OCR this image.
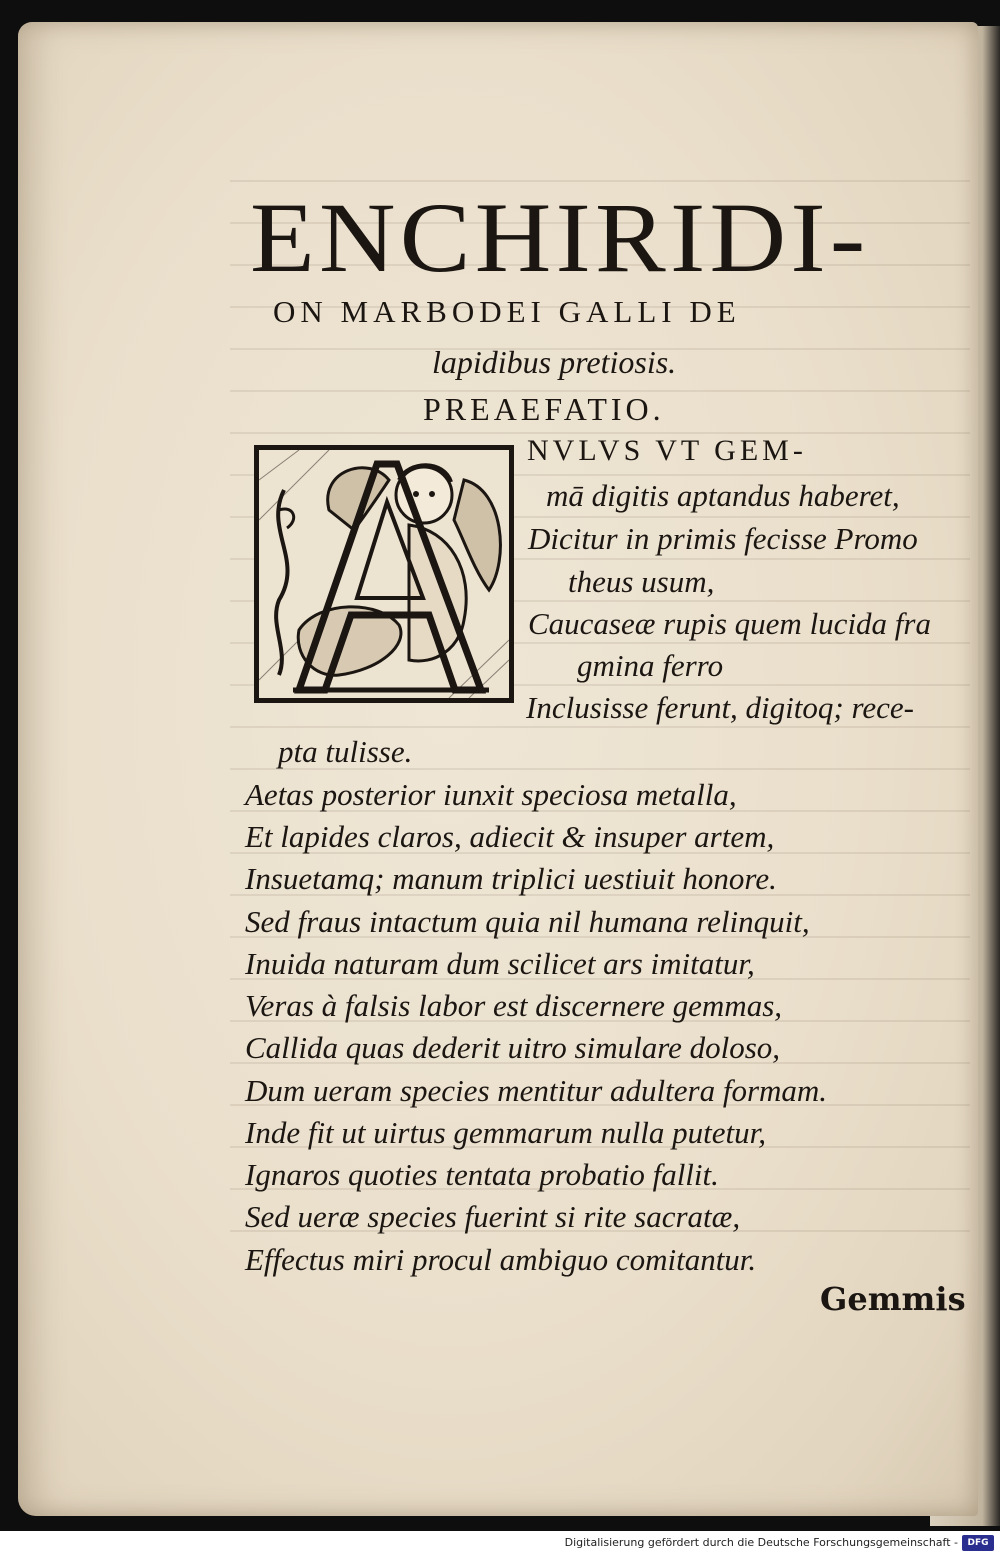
ENCHIRIDI-
ON MARBODEI GALLI DE
lapidibus pretiosis.
PREAEFATIO.
NVLVS VT GEM-
mā digitis aptandus haberet,
Dicitur in primis fecisse Promo
theus usum,
Caucaseæ rupis quem lucida fra
gmina ferro
Inclusisse ferunt, digitoq; rece-
pta tulisse.
Aetas posterior iunxit speciosa metalla,
Et lapides claros, adiecit & insuper artem,
Insuetamq; manum triplici uestiuit honore.
Sed fraus intactum quia nil humana relinquit,
Inuida naturam dum scilicet ars imitatur,
Veras à falsis labor est discernere gemmas,
Callida quas dederit uitro simulare doloso,
Dum ueram species mentitur adultera formam.
Inde fit ut uirtus gemmarum nulla putetur,
Ignaros quoties tentata probatio fallit.
Sed ueræ species fuerint si rite sacratæ,
Effectus miri procul ambiguo comitantur.
Gemmis
Digitalisierung gefördert durch die Deutsche Forschungsgemeinschaft -	DFG
